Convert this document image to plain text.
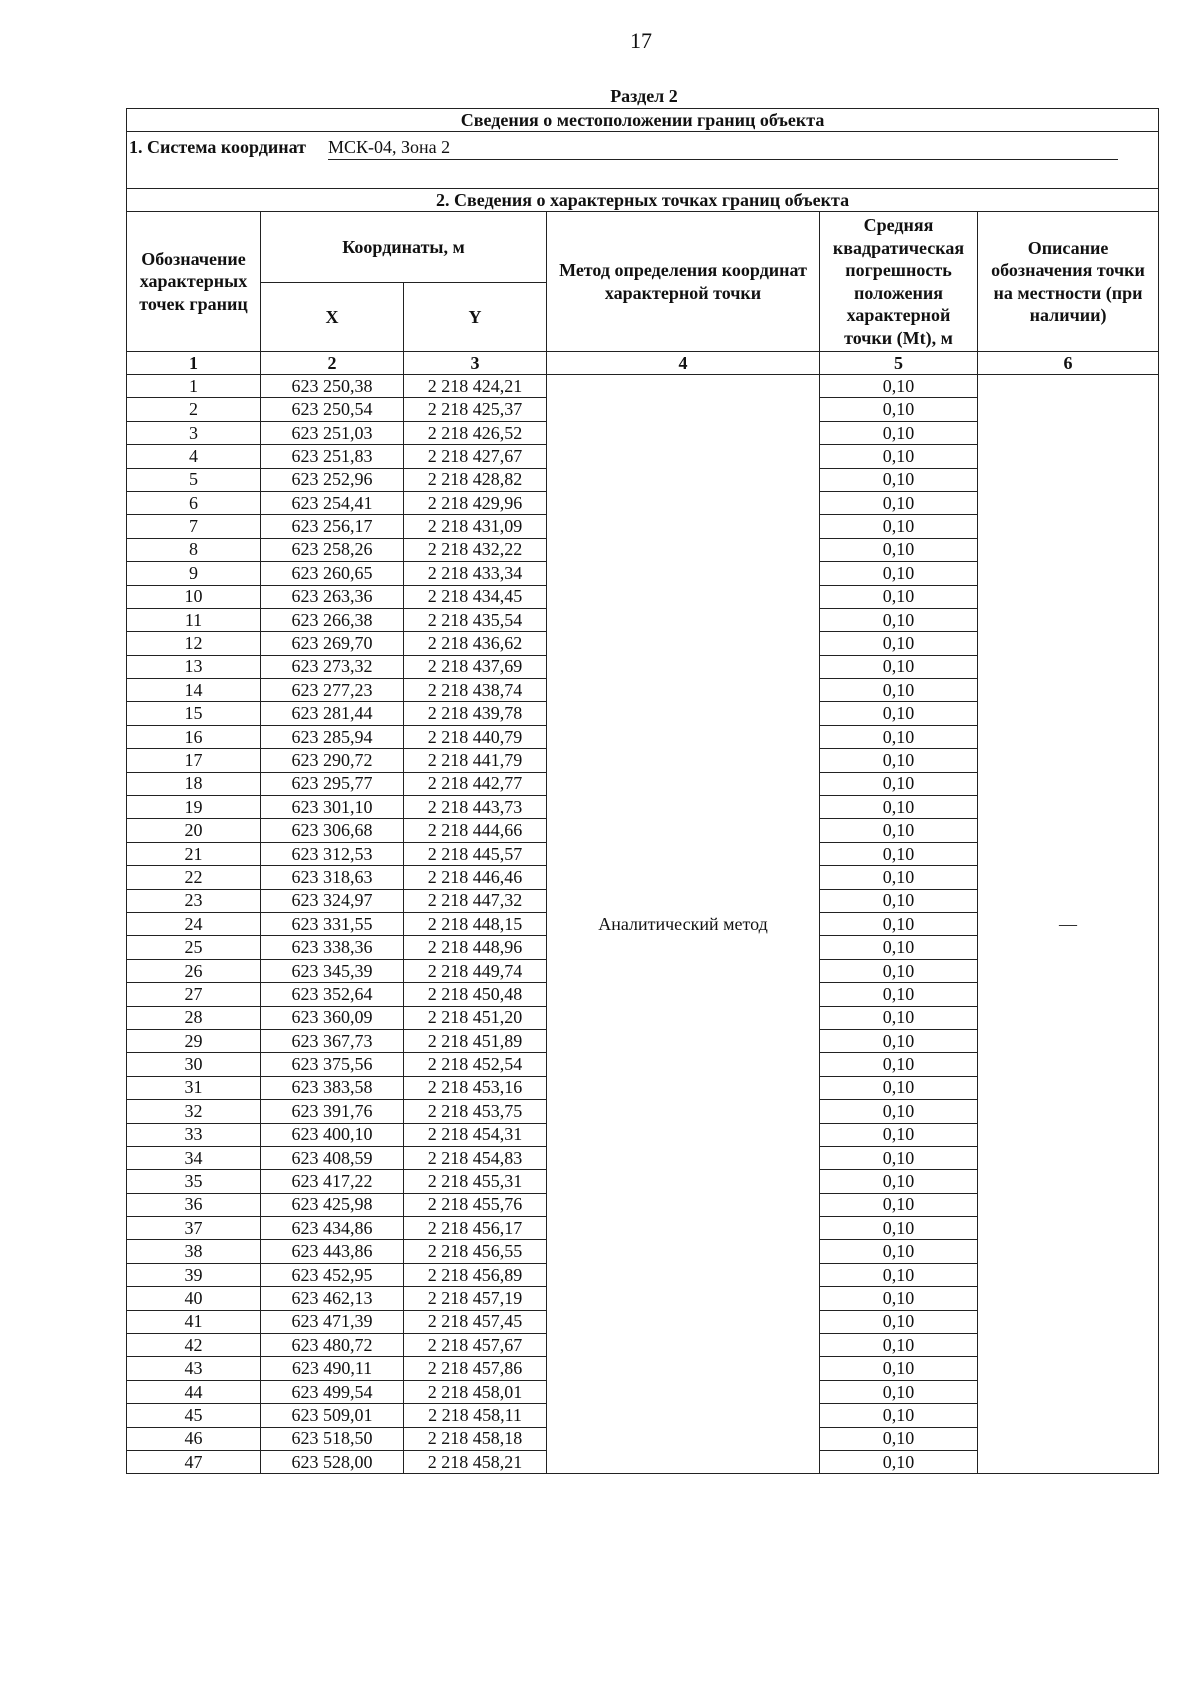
17
Раздел 2
Сведения о местоположении границ объекта					
1. Система координат МСК-04, Зона 2					
2. Сведения о характерных точках границ объекта					
Обозначение характерных точек границ	Координаты, м		Метод определения координат характерной точки	Средняя квадратическая погрешность положения характерной точки (Mt), м	Описание обозначения точки на местности (при наличии)
	X	Y			
1	2	3	4	5	6
1	623 250,38	2 218 424,21	Аналитический метод	0,10	—
2	623 250,54	2 218 425,37		0,10	
3	623 251,03	2 218 426,52		0,10	
4	623 251,83	2 218 427,67		0,10	
5	623 252,96	2 218 428,82		0,10	
6	623 254,41	2 218 429,96		0,10	
7	623 256,17	2 218 431,09		0,10	
8	623 258,26	2 218 432,22		0,10	
9	623 260,65	2 218 433,34		0,10	
10	623 263,36	2 218 434,45		0,10	
11	623 266,38	2 218 435,54		0,10	
12	623 269,70	2 218 436,62		0,10	
13	623 273,32	2 218 437,69		0,10	
14	623 277,23	2 218 438,74		0,10	
15	623 281,44	2 218 439,78		0,10	
16	623 285,94	2 218 440,79		0,10	
17	623 290,72	2 218 441,79		0,10	
18	623 295,77	2 218 442,77		0,10	
19	623 301,10	2 218 443,73		0,10	
20	623 306,68	2 218 444,66		0,10	
21	623 312,53	2 218 445,57		0,10	
22	623 318,63	2 218 446,46		0,10	
23	623 324,97	2 218 447,32		0,10	
24	623 331,55	2 218 448,15		0,10	
25	623 338,36	2 218 448,96		0,10	
26	623 345,39	2 218 449,74		0,10	
27	623 352,64	2 218 450,48		0,10	
28	623 360,09	2 218 451,20		0,10	
29	623 367,73	2 218 451,89		0,10	
30	623 375,56	2 218 452,54		0,10	
31	623 383,58	2 218 453,16		0,10	
32	623 391,76	2 218 453,75		0,10	
33	623 400,10	2 218 454,31		0,10	
34	623 408,59	2 218 454,83		0,10	
35	623 417,22	2 218 455,31		0,10	
36	623 425,98	2 218 455,76		0,10	
37	623 434,86	2 218 456,17		0,10	
38	623 443,86	2 218 456,55		0,10	
39	623 452,95	2 218 456,89		0,10	
40	623 462,13	2 218 457,19		0,10	
41	623 471,39	2 218 457,45		0,10	
42	623 480,72	2 218 457,67		0,10	
43	623 490,11	2 218 457,86		0,10	
44	623 499,54	2 218 458,01		0,10	
45	623 509,01	2 218 458,11		0,10	
46	623 518,50	2 218 458,18		0,10	
47	623 528,00	2 218 458,21		0,10	
